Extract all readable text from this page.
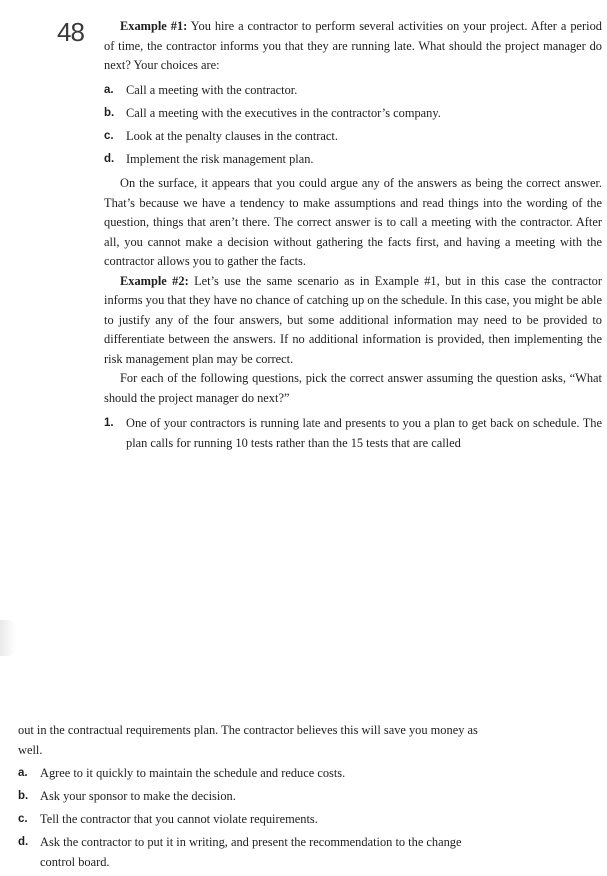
48	Example #1: You hire a contractor to perform several activities on your project. After a period of time, the contractor informs you that they are running late. What should the project manager do next? Your choices are:

a. Call a meeting with the contractor.
b. Call a meeting with the executives in the contractor’s company.
c. Look at the penalty clauses in the contract.
d. Implement the risk management plan.

On the surface, it appears that you could argue any of the answers as being the correct answer. That’s because we have a tendency to make assumptions and read things into the wording of the question, things that aren’t there. The correct answer is to call a meeting with the contractor. After all, you cannot make a decision without gathering the facts first, and having a meeting with the contractor allows you to gather the facts.

Example #2: Let’s use the same scenario as in Example #1, but in this case the contractor informs you that they have no chance of catching up on the schedule. In this case, you might be able to justify any of the four answers, but some additional information may need to be provided to differentiate between the answers. If no additional information is provided, then implementing the risk management plan may be correct.

For each of the following questions, pick the correct answer assuming the question asks, “What should the project manager do next?”

1. One of your contractors is running late and presents to you a plan to get back on schedule. The plan calls for running 10 tests rather than the 15 tests that are called

out in the contractual requirements plan. The contractor believes this will save you money as well.

a. Agree to it quickly to maintain the schedule and reduce costs.
b. Ask your sponsor to make the decision.
c. Tell the contractor that you cannot violate requirements.
d. Ask the contractor to put it in writing, and present the recommendation to the change control board.
